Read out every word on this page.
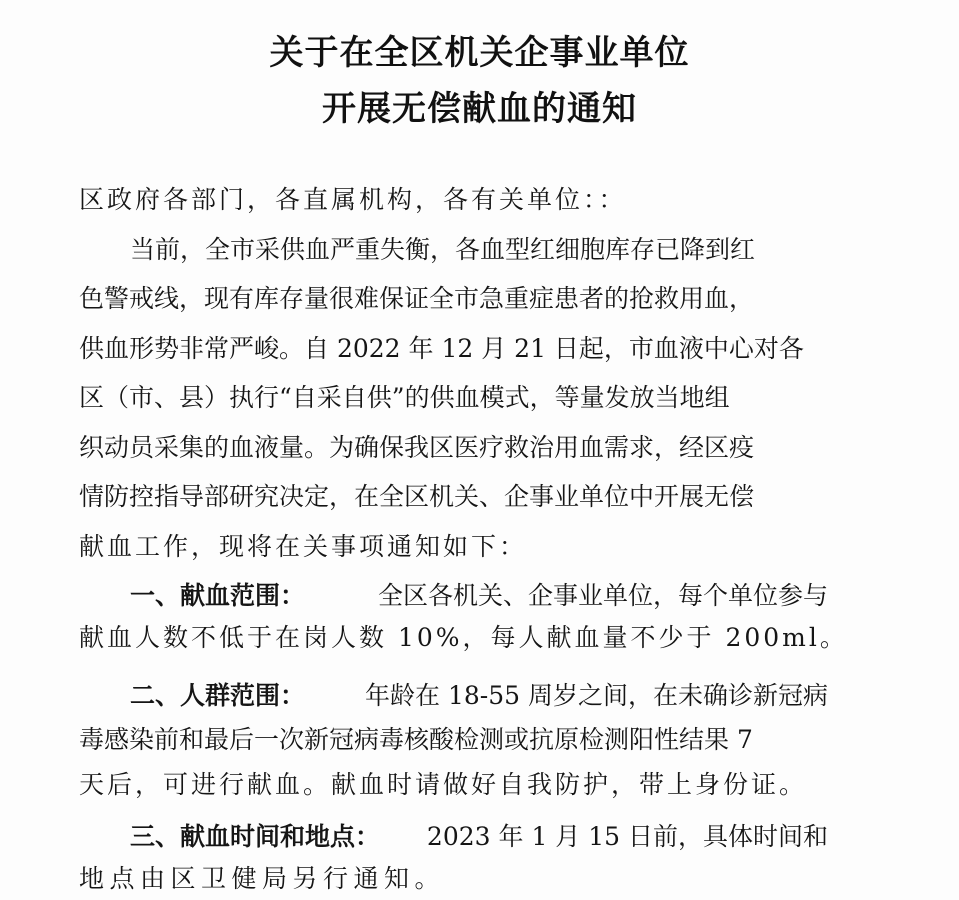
关于在全区机关企事业单位
开展无偿献血的通知
区政府各部门，各直属机构，各有关单位：：
当前，全市采供血严重失衡，各血型红细胞库存已降到红
色警戒线，现有库存量很难保证全市急重症患者的抢救用血，
供血形势非常严峻。自 2022 年 12 月 21 日起，市血液中心对各
区（市、县）执行“自采自供”的供血模式，等量发放当地组
织动员采集的血液量。为确保我区医疗救治用血需求，经区疫
情防控指导部研究决定，在全区机关、企事业单位中开展无偿
献血工作，现将在关事项通知如下：
一、献血范围：	全区各机关、企事业单位，每个单位参与
献血人数不低于在岗人数 10%，每人献血量不少于 200ml。
二、人群范围： 年龄在 18-55 周岁之间，在未确诊新冠病
毒感染前和最后一次新冠病毒核酸检测或抗原检测阳性结果 7
天后，可进行献血。献血时请做好自我防护，带上身份证。
三、献血时间和地点： 2023 年 1 月 15 日前，具体时间和
地点由区卫健局另行通知。
